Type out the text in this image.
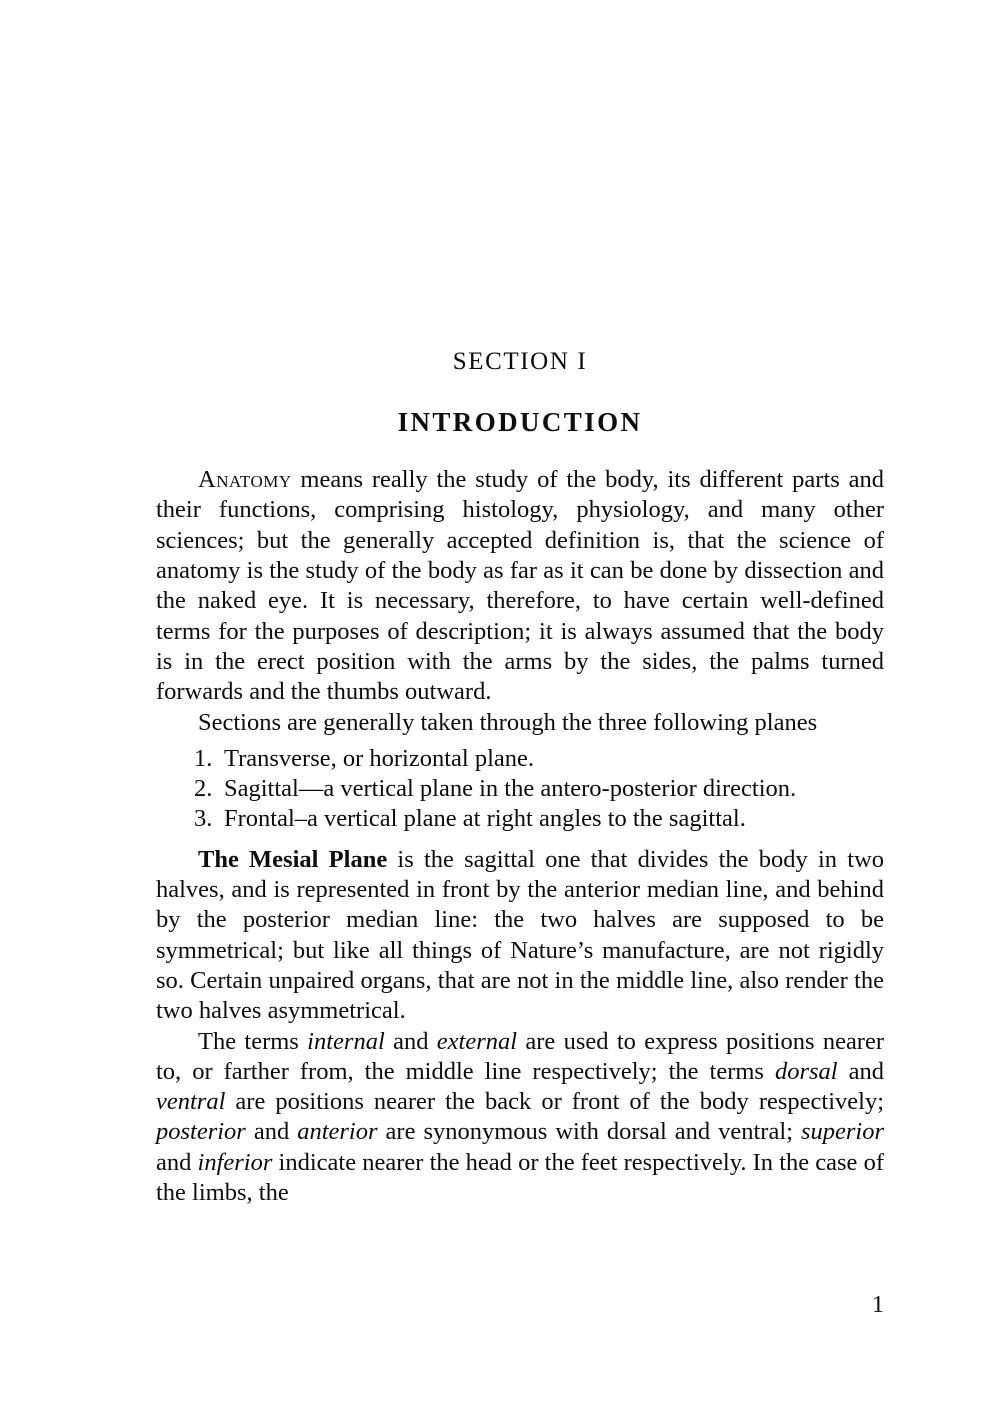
SECTION I
INTRODUCTION

Anatomy means really the study of the body, its different parts and their functions, comprising histology, physiology, and many other sciences; but the generally accepted definition is, that the science of anatomy is the study of the body as far as it can be done by dissection and the naked eye. It is necessary, therefore, to have certain well-defined terms for the purposes of description; it is always assumed that the body is in the erect position with the arms by the sides, the palms turned forwards and the thumbs outward.

Sections are generally taken through the three following planes

1. Transverse, or horizontal plane.
2. Sagittal—a vertical plane in the antero-posterior direction.
3. Frontal–a vertical plane at right angles to the sagittal.

The Mesial Plane is the sagittal one that divides the body in two halves, and is represented in front by the anterior median line, and behind by the posterior median line: the two halves are supposed to be symmetrical; but like all things of Nature’s manufacture, are not rigidly so. Certain unpaired organs, that are not in the middle line, also render the two halves asymmetrical.

The terms internal and external are used to express positions nearer to, or farther from, the middle line respectively; the terms dorsal and ventral are positions nearer the back or front of the body respectively; posterior and anterior are synonymous with dorsal and ventral; superior and inferior indicate nearer the head or the feet respectively. In the case of the limbs, the

1
